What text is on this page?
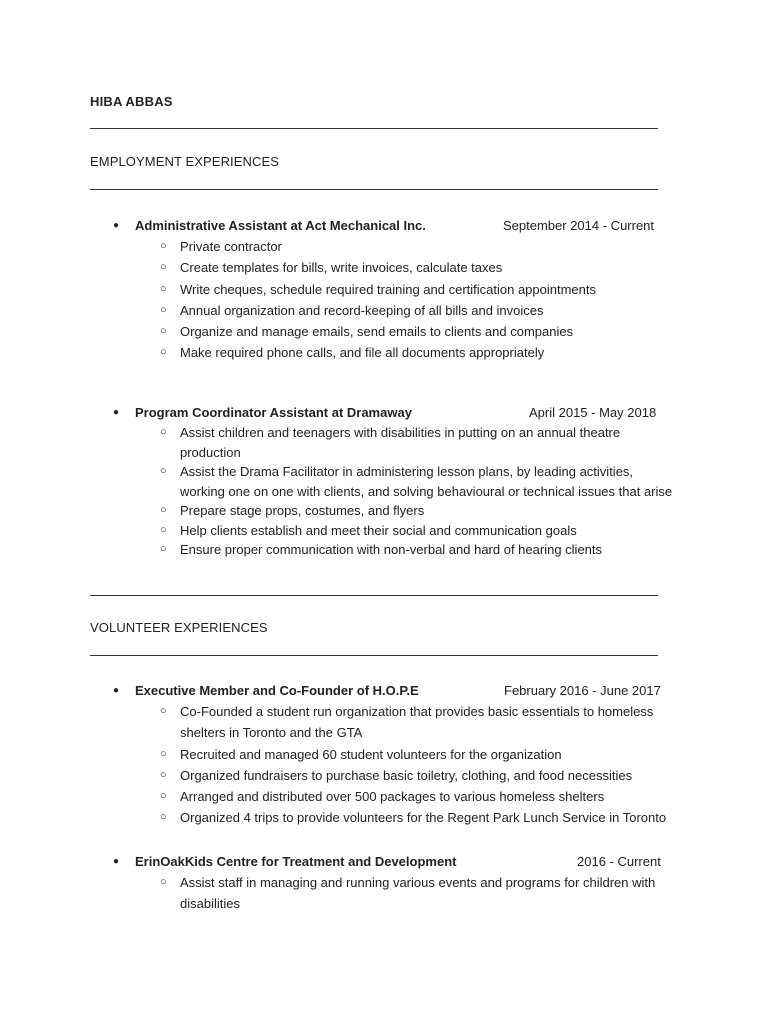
HIBA ABBAS
EMPLOYMENT EXPERIENCES
● Administrative Assistant at Act Mechanical Inc.	September 2014 - Current
○ Private contractor
○ Create templates for bills, write invoices, calculate taxes
○ Write cheques, schedule required training and certification appointments
○ Annual organization and record-keeping of all bills and invoices
○ Organize and manage emails, send emails to clients and companies
○ Make required phone calls, and file all documents appropriately
● Program Coordinator Assistant at Dramaway	April 2015 - May 2018
○ Assist children and teenagers with disabilities in putting on an annual theatre production
○ Assist the Drama Facilitator in administering lesson plans, by leading activities, working one on one with clients, and solving behavioural or technical issues that arise
○ Prepare stage props, costumes, and flyers
○ Help clients establish and meet their social and communication goals
○ Ensure proper communication with non-verbal and hard of hearing clients
VOLUNTEER EXPERIENCES
● Executive Member and Co-Founder of H.O.P.E	February 2016 - June 2017
○ Co-Founded a student run organization that provides basic essentials to homeless shelters in Toronto and the GTA
○ Recruited and managed 60 student volunteers for the organization
○ Organized fundraisers to purchase basic toiletry, clothing, and food necessities
○ Arranged and distributed over 500 packages to various homeless shelters
○ Organized 4 trips to provide volunteers for the Regent Park Lunch Service in Toronto
● ErinOakKids Centre for Treatment and Development	2016 - Current
○ Assist staff in managing and running various events and programs for children with disabilities
